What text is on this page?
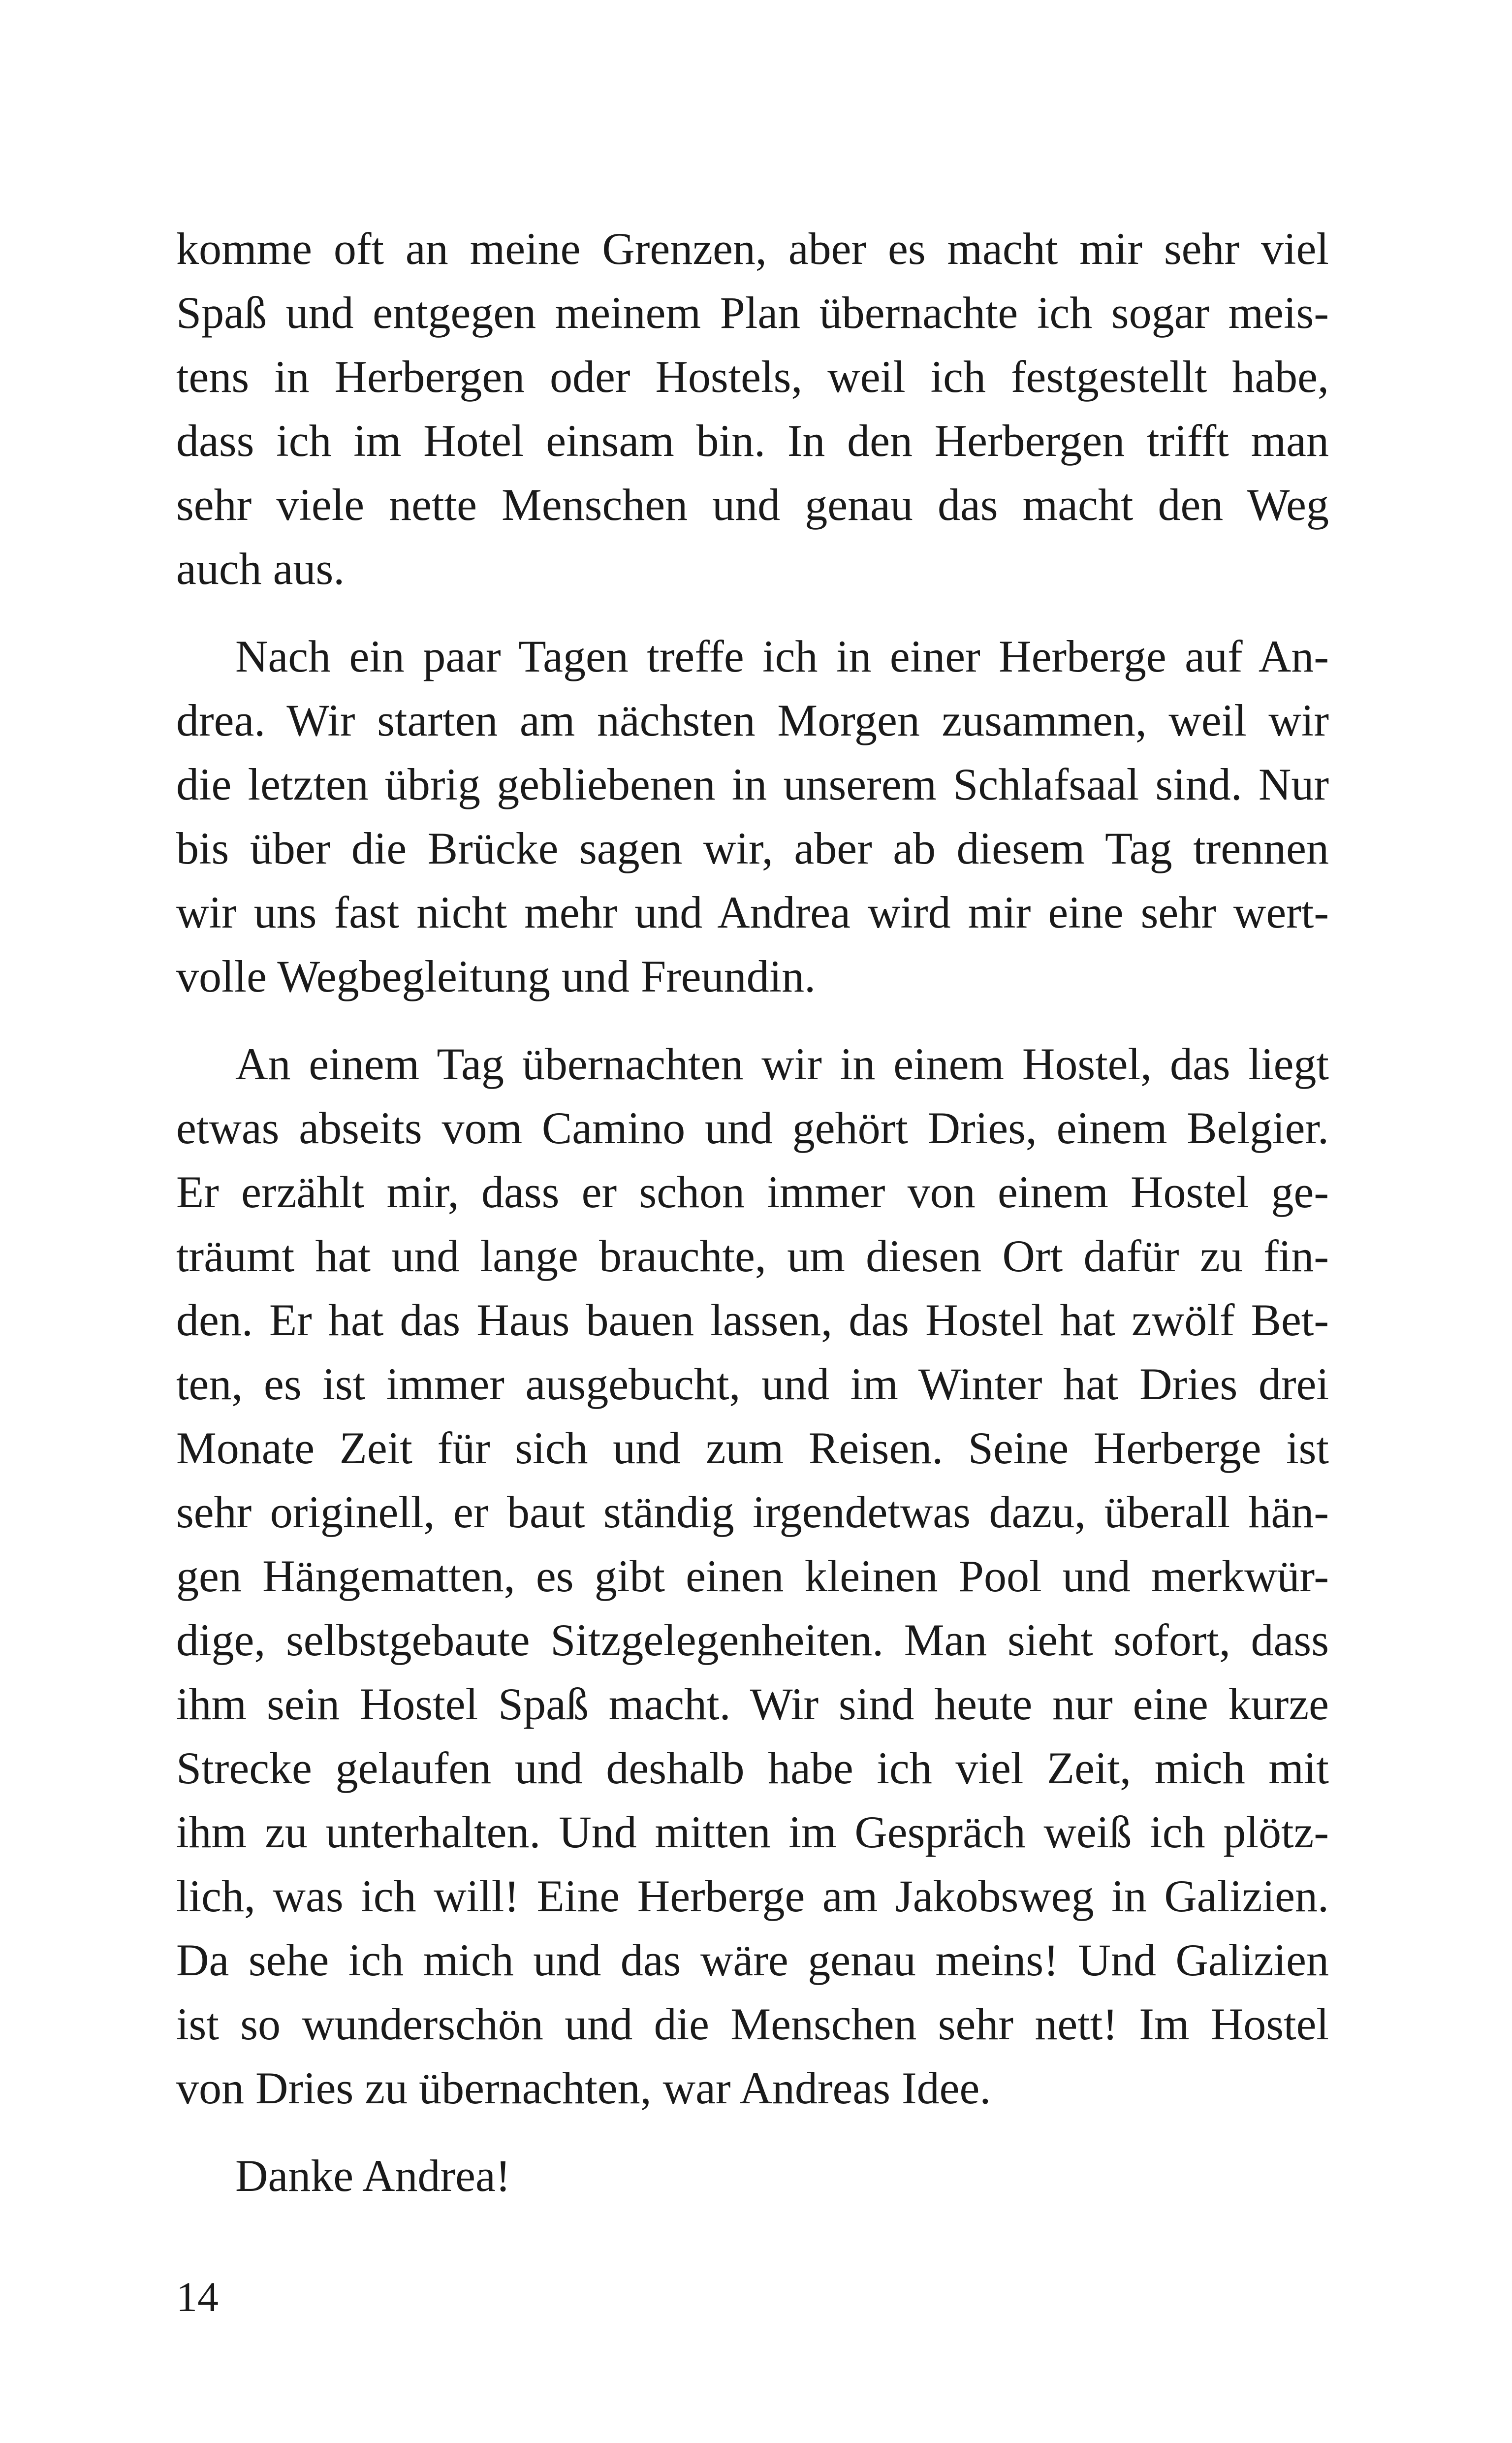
komme oft an meine Grenzen, aber es macht mir sehr viel
Spaß und entgegen meinem Plan übernachte ich sogar meis-
tens in Herbergen oder Hostels, weil ich festgestellt habe,
dass ich im Hotel einsam bin. In den Herbergen trifft man
sehr viele nette Menschen und genau das macht den Weg
auch aus.
Nach ein paar Tagen treffe ich in einer Herberge auf An-
drea. Wir starten am nächsten Morgen zusammen, weil wir
die letzten übrig gebliebenen in unserem Schlafsaal sind. Nur
bis über die Brücke sagen wir, aber ab diesem Tag trennen
wir uns fast nicht mehr und Andrea wird mir eine sehr wert-
volle Wegbegleitung und Freundin.
An einem Tag übernachten wir in einem Hostel, das liegt
etwas abseits vom Camino und gehört Dries, einem Belgier.
Er erzählt mir, dass er schon immer von einem Hostel ge-
träumt hat und lange brauchte, um diesen Ort dafür zu fin-
den. Er hat das Haus bauen lassen, das Hostel hat zwölf Bet-
ten, es ist immer ausgebucht, und im Winter hat Dries drei
Monate Zeit für sich und zum Reisen. Seine Herberge ist
sehr originell, er baut ständig irgendetwas dazu, überall hän-
gen Hängematten, es gibt einen kleinen Pool und merkwür-
dige, selbstgebaute Sitzgelegenheiten. Man sieht sofort, dass
ihm sein Hostel Spaß macht. Wir sind heute nur eine kurze
Strecke gelaufen und deshalb habe ich viel Zeit, mich mit
ihm zu unterhalten. Und mitten im Gespräch weiß ich plötz-
lich, was ich will! Eine Herberge am Jakobsweg in Galizien.
Da sehe ich mich und das wäre genau meins! Und Galizien
ist so wunderschön und die Menschen sehr nett! Im Hostel
von Dries zu übernachten, war Andreas Idee.
Danke Andrea!
14
